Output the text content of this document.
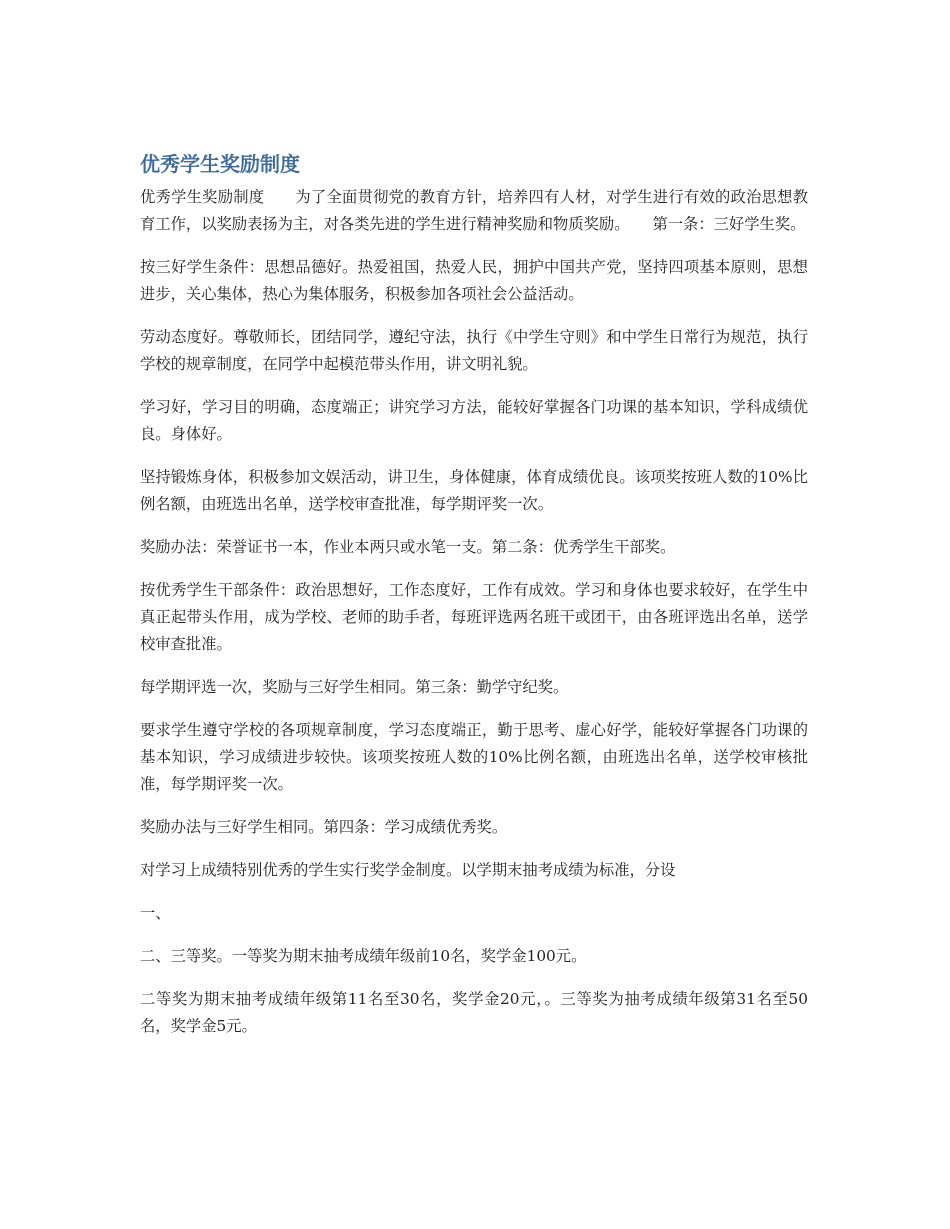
优秀学生奖励制度

优秀学生奖励制度　　为了全面贯彻党的教育方针，培养四有人材，对学生进行有效的政治思想教育工作，以奖励表扬为主，对各类先进的学生进行精神奖励和物质奖励。　　第一条：三好学生奖。

按三好学生条件：思想品德好。热爱祖国，热爱人民，拥护中国共产党，坚持四项基本原则，思想进步，关心集体，热心为集体服务，积极参加各项社会公益活动。

劳动态度好。尊敬师长，团结同学，遵纪守法，执行《中学生守则》和中学生日常行为规范，执行学校的规章制度，在同学中起模范带头作用，讲文明礼貌。

学习好，学习目的明确，态度端正；讲究学习方法，能较好掌握各门功课的基本知识，学科成绩优良。身体好。

坚持锻炼身体，积极参加文娱活动，讲卫生，身体健康，体育成绩优良。该项奖按班人数的10%比例名额，由班选出名单，送学校审查批准，每学期评奖一次。

奖励办法：荣誉证书一本，作业本两只或水笔一支。第二条：优秀学生干部奖。

按优秀学生干部条件：政治思想好，工作态度好，工作有成效。学习和身体也要求较好，在学生中真正起带头作用，成为学校、老师的助手者，每班评选两名班干或团干，由各班评选出名单，送学校审查批准。

每学期评选一次，奖励与三好学生相同。第三条：勤学守纪奖。

要求学生遵守学校的各项规章制度，学习态度端正，勤于思考、虚心好学，能较好掌握各门功课的基本知识，学习成绩进步较快。该项奖按班人数的10%比例名额，由班选出名单，送学校审核批准，每学期评奖一次。

奖励办法与三好学生相同。第四条：学习成绩优秀奖。

对学习上成绩特别优秀的学生实行奖学金制度。以学期末抽考成绩为标准，分设

一、

二、三等奖。一等奖为期末抽考成绩年级前10名，奖学金100元。

二等奖为期末抽考成绩年级第11名至30名，奖学金20元，。三等奖为抽考成绩年级第31名至50名，奖学金5元。
